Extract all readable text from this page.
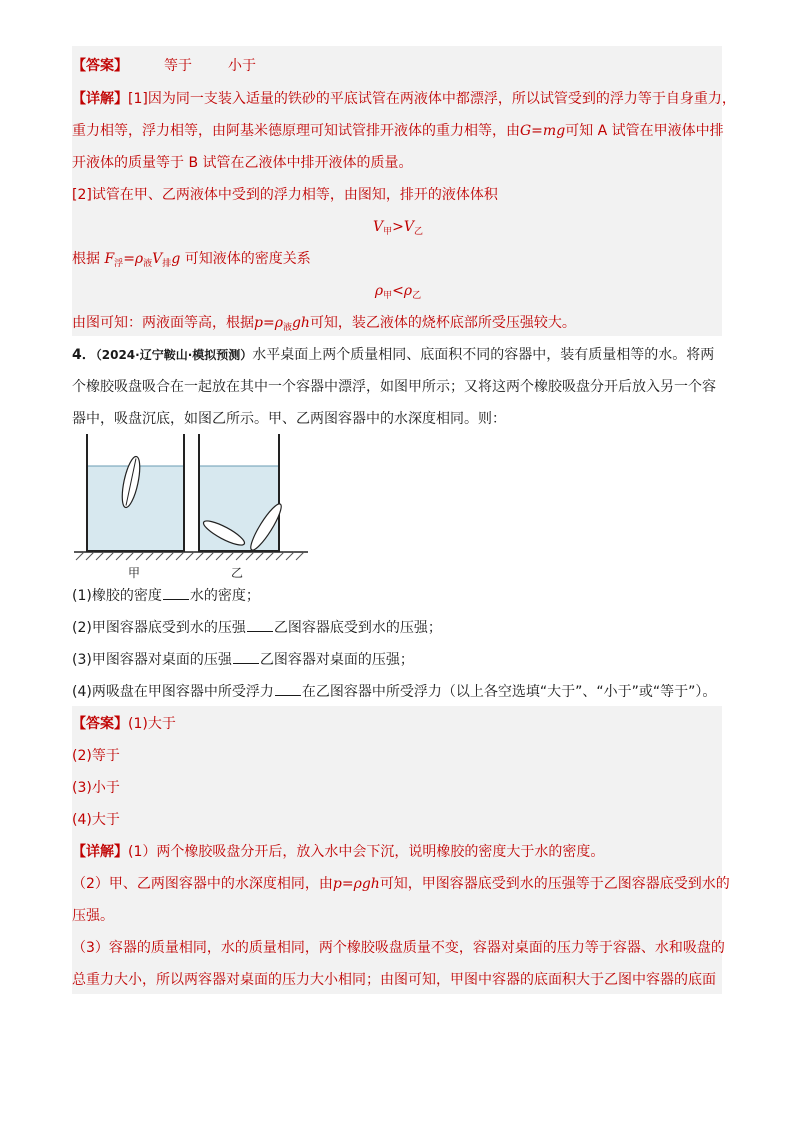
【答案】	等于	小于
【详解】[1]因为同一支装入适量的铁砂的平底试管在两液体中都漂浮，所以试管受到的浮力等于自身重力，
重力相等，浮力相等，由阿基米德原理可知试管排开液体的重力相等，由G=mg可知 A 试管在甲液体中排
开液体的质量等于 B 试管在乙液体中排开液体的质量。
[2]试管在甲、乙两液体中受到的浮力相等，由图知，排开的液体体积
$V_甲>V_乙$
根据 $F_浮=\rho_液V_排g$ 可知液体的密度关系
$\rho_甲<\rho_乙$
由图可知：两液面等高，根据$p=\rho_液gh$可知，装乙液体的烧杯底部所受压强较大。
4．（2024·辽宁鞍山·模拟预测）水平桌面上两个质量相同、底面积不同的容器中，装有质量相等的水。将两
个橡胶吸盘吸合在一起放在其中一个容器中漂浮，如图甲所示；又将这两个橡胶吸盘分开后放入另一个容
器中，吸盘沉底，如图乙所示。甲、乙两图容器中的水深度相同。则：
甲	乙
(1)橡胶的密度 水的密度；
(2)甲图容器底受到水的压强 乙图容器底受到水的压强；
(3)甲图容器对桌面的压强 乙图容器对桌面的压强；
(4)两吸盘在甲图容器中所受浮力 在乙图容器中所受浮力（以上各空选填“大于”、“小于”或“等于”）。
【答案】(1)大于
(2)等于
(3)小于
(4)大于
【详解】(1）两个橡胶吸盘分开后，放入水中会下沉，说明橡胶的密度大于水的密度。
（2）甲、乙两图容器中的水深度相同，由p=ρgh可知，甲图容器底受到水的压强等于乙图容器底受到水的
压强。
（3）容器的质量相同，水的质量相同，两个橡胶吸盘质量不变，容器对桌面的压力等于容器、水和吸盘的
总重力大小，所以两容器对桌面的压力大小相同；由图可知，甲图中容器的底面积大于乙图中容器的底面
